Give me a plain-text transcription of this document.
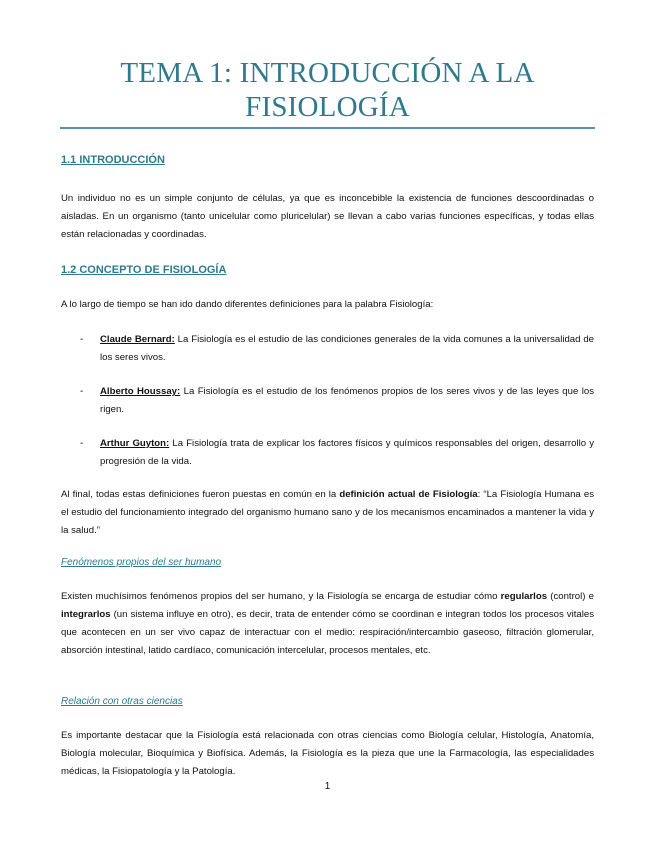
TEMA 1: INTRODUCCIÓN A LA
FISIOLOGÍA
1.1 INTRODUCCIÓN
Un individuo no es un simple conjunto de células, ya que es inconcebible la existencia de funciones descoordinadas o aisladas. En un organismo (tanto unicelular como pluricelular) se llevan a cabo varias funciones específicas, y todas ellas están relacionadas y coordinadas.
1.2 CONCEPTO DE FISIOLOGÍA
A lo largo de tiempo se han ido dando diferentes definiciones para la palabra Fisiología:
- Claude Bernard: La Fisiología es el estudio de las condiciones generales de la vida comunes a la universalidad de los seres vivos.
- Alberto Houssay: La Fisiología es el estudio de los fenómenos propios de los seres vivos y de las leyes que los rigen.
- Arthur Guyton: La Fisiología trata de explicar los factores físicos y químicos responsables del origen, desarrollo y progresión de la vida.
Al final, todas estas definiciones fueron puestas en común en la definición actual de Fisiología: “La Fisiología Humana es el estudio del funcionamiento integrado del organismo humano sano y de los mecanismos encaminados a mantener la vida y la salud.”
Fenómenos propios del ser humano
Existen muchísimos fenómenos propios del ser humano, y la Fisiología se encarga de estudiar cómo regularlos (control) e integrarlos (un sistema influye en otro), es decir, trata de entender cómo se coordinan e integran todos los procesos vitales que acontecen en un ser vivo capaz de interactuar con el medio: respiración/intercambio gaseoso, filtración glomerular, absorción intestinal, latido cardíaco, comunicación intercelular, procesos mentales, etc.
Relación con otras ciencias
Es importante destacar que la Fisiología está relacionada con otras ciencias como Biología celular, Histología, Anatomía, Biología molecular, Bioquímica y Biofísica. Además, la Fisiología es la pieza que une la Farmacología, las especialidades médicas, la Fisiopatología y la Patología.
1
